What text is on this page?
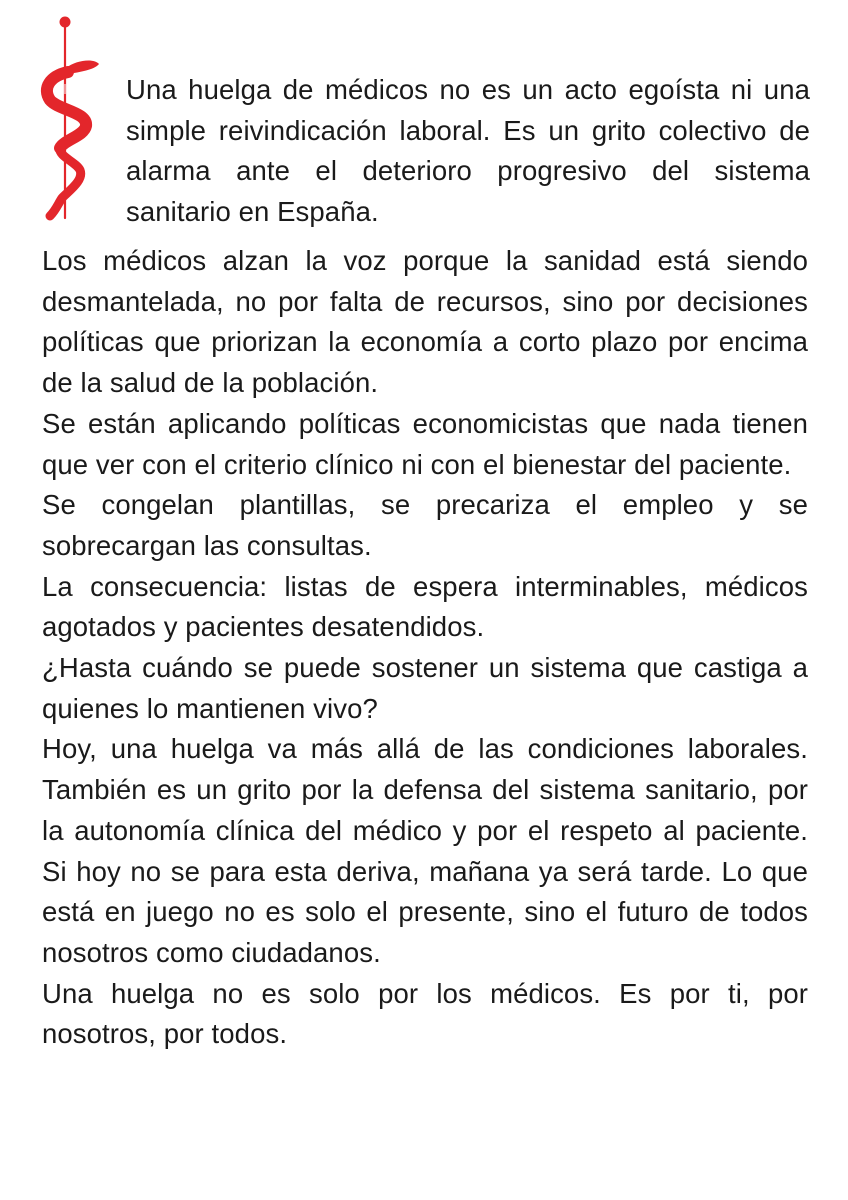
Una huelga de médicos no es un acto egoísta ni una simple reivindicación laboral. Es un grito colectivo de alarma ante el deterioro progresivo del sistema sanitario en España.

Los médicos alzan la voz porque la sanidad está siendo desmantelada, no por falta de recursos, sino por decisiones políticas que priorizan la economía a corto plazo por encima de la salud de la población.

Se están aplicando políticas economicistas que nada tienen que ver con el criterio clínico ni con el bienestar del paciente.

Se congelan plantillas, se precariza el empleo y se sobrecargan las consultas.

La consecuencia: listas de espera interminables, médicos agotados y pacientes desatendidos.

¿Hasta cuándo se puede sostener un sistema que castiga a quienes lo mantienen vivo?

Hoy, una huelga va más allá de las condiciones laborales. También es un grito por la defensa del sistema sanitario, por la autonomía clínica del médico y por el respeto al paciente. Si hoy no se para esta deriva, mañana ya será tarde. Lo que está en juego no es solo el presente, sino el futuro de todos nosotros como ciudadanos.

Una huelga no es solo por los médicos. Es por ti, por nosotros, por todos.
